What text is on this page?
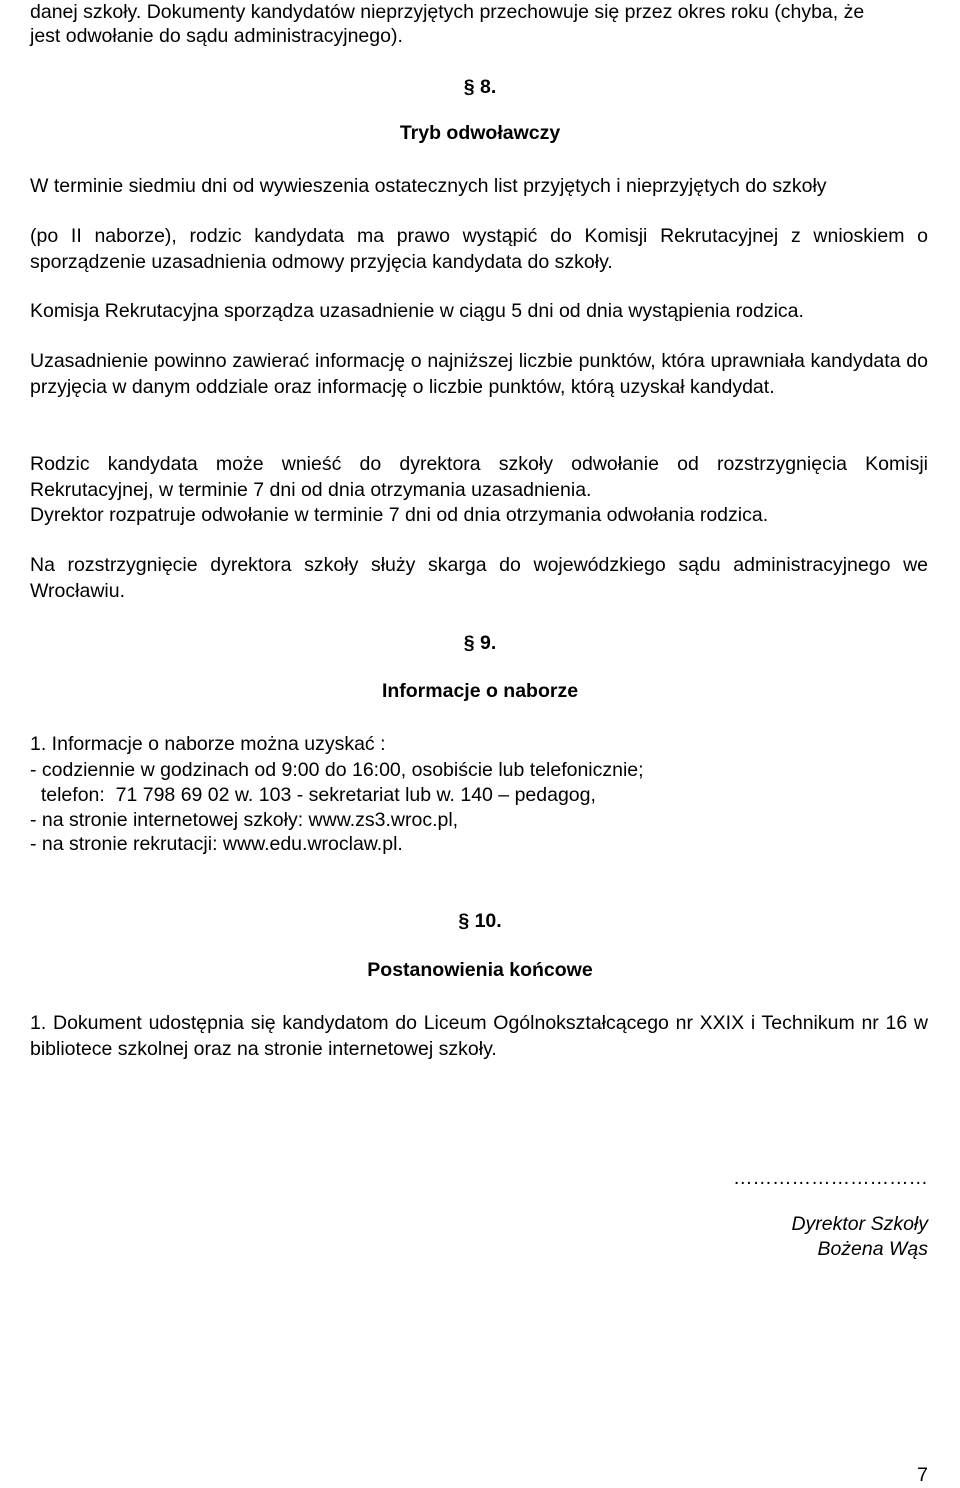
danej szkoły. Dokumenty kandydatów nieprzyjętych przechowuje się przez okres roku (chyba, że

jest odwołanie do sądu administracyjnego).

§ 8.

Tryb odwoławczy

W terminie siedmiu dni od wywieszenia ostatecznych list przyjętych i nieprzyjętych do szkoły

(po II naborze), rodzic kandydata ma prawo wystąpić do Komisji Rekrutacyjnej z wnioskiem o sporządzenie uzasadnienia odmowy przyjęcia kandydata do szkoły.

Komisja Rekrutacyjna sporządza uzasadnienie w ciągu 5 dni od dnia wystąpienia rodzica.

Uzasadnienie powinno zawierać informację o najniższej liczbie punktów, która uprawniała kandydata do przyjęcia w danym oddziale oraz informację o liczbie punktów, którą uzyskał kandydat.

Rodzic kandydata może wnieść do dyrektora szkoły odwołanie od rozstrzygnięcia Komisji Rekrutacyjnej, w terminie 7 dni od dnia otrzymania uzasadnienia.

Dyrektor rozpatruje odwołanie w terminie 7 dni od dnia otrzymania odwołania rodzica.

Na rozstrzygnięcie dyrektora szkoły służy skarga do wojewódzkiego sądu administracyjnego we Wrocławiu.

§ 9.

Informacje o naborze

1. Informacje o naborze można uzyskać :

- codziennie w godzinach od 9:00 do 16:00, osobiście lub telefonicznie;

telefon:  71 798 69 02 w. 103 - sekretariat lub w. 140 – pedagog,

- na stronie internetowej szkoły: www.zs3.wroc.pl,

- na stronie rekrutacji: www.edu.wroclaw.pl.

§ 10.

Postanowienia końcowe

1. Dokument udostępnia się kandydatom do Liceum Ogólnokształcącego nr XXIX i Technikum nr 16 w bibliotece szkolnej oraz na stronie internetowej szkoły.

…………………………

Dyrektor Szkoły

Bożena Wąs

7
